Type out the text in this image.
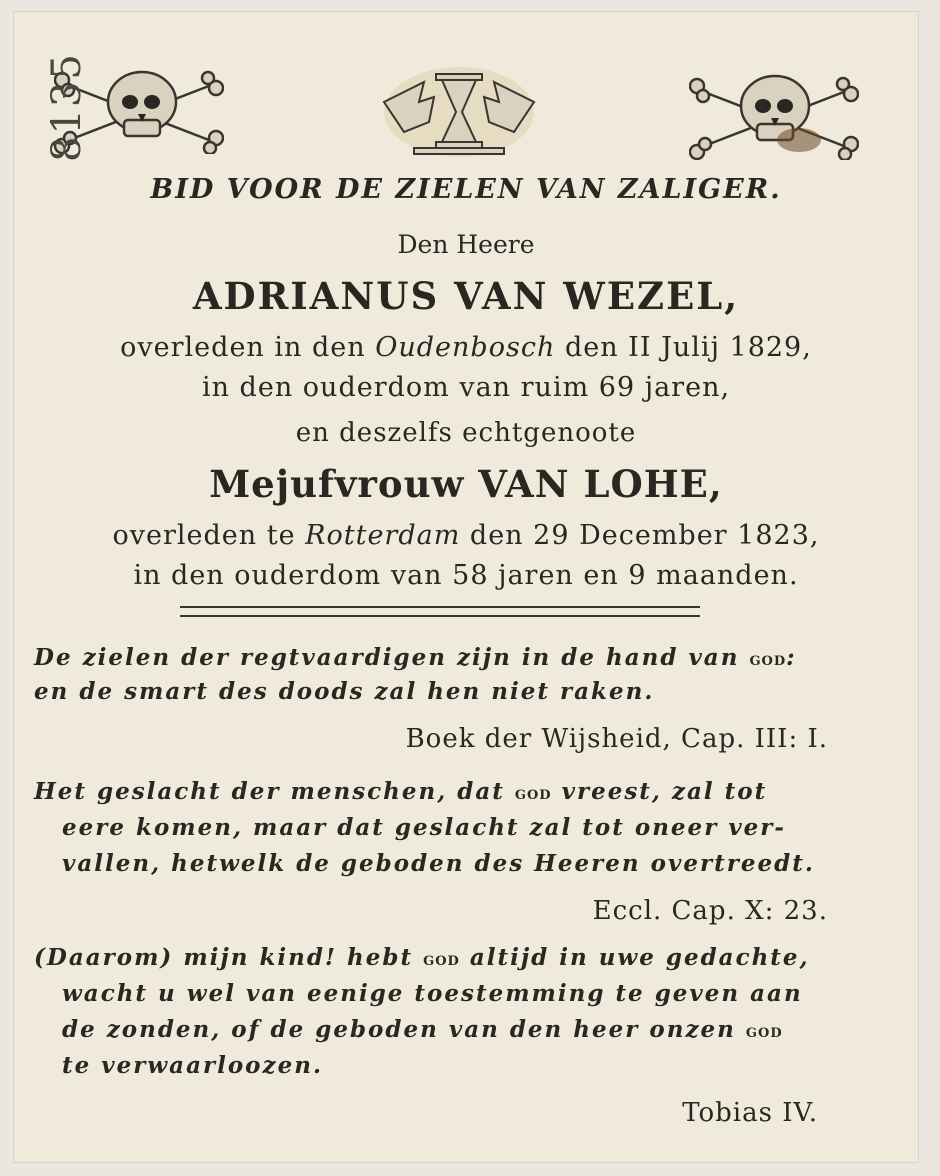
8135
BID VOOR DE ZIELEN VAN ZALIGER.
Den Heere
ADRIANUS VAN WEZEL,
overleden in den Oudenbosch den II Julij 1829,
in den ouderdom van ruim 69 jaren,
en deszelfs echtgenoote
Mejufvrouw VAN LOHE,
overleden te Rotterdam den 29 December 1823,
in den ouderdom van 58 jaren en 9 maanden.
De zielen der regtvaardigen zijn in de hand van god:
en de smart des doods zal hen niet raken.
Boek der Wijsheid, Cap. III: I.
Het geslacht der menschen, dat god vreest, zal tot
eere komen, maar dat geslacht zal tot oneer ver-
vallen, hetwelk de geboden des Heeren overtreedt.
Eccl. Cap. X: 23.
(Daarom) mijn kind! hebt god altijd in uwe gedachte,
wacht u wel van eenige toestemming te geven aan
de zonden, of de geboden van den heer onzen god
te verwaarloozen.
Tobias IV.
